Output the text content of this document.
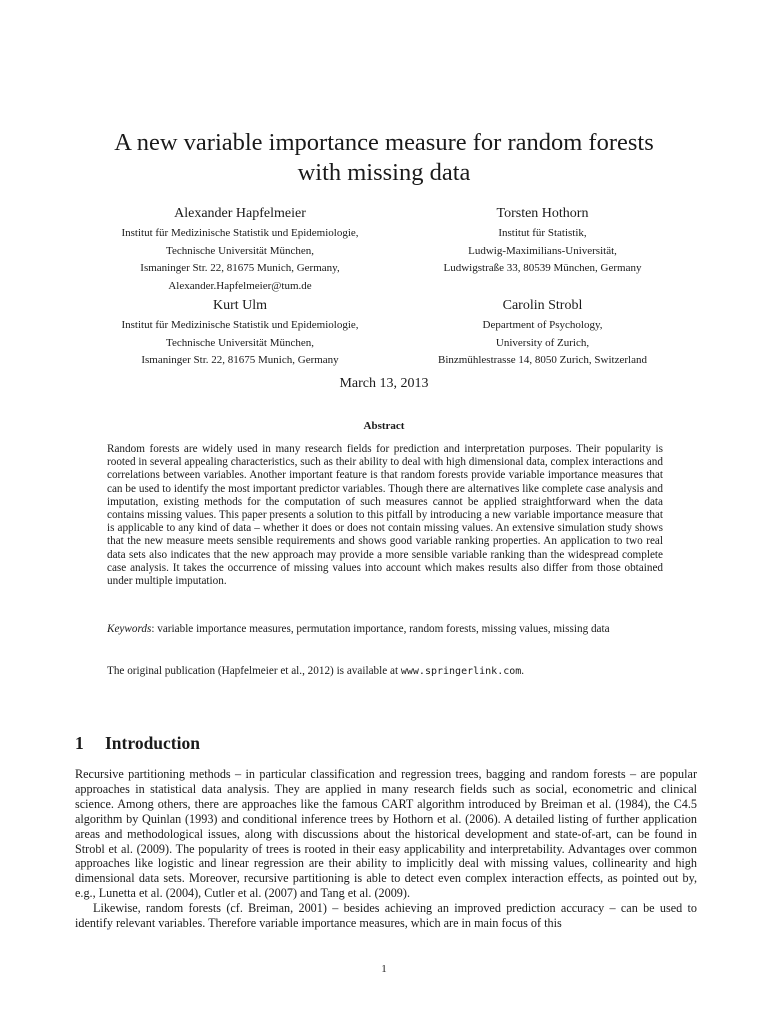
A new variable importance measure for random forests
with missing data
Alexander Hapfelmeier
Institut für Medizinische Statistik und Epidemiologie,
Technische Universität München,
Ismaninger Str. 22, 81675 Munich, Germany,
Alexander.Hapfelmeier@tum.de
Torsten Hothorn
Institut für Statistik,
Ludwig-Maximilians-Universität,
Ludwigstraße 33, 80539 München, Germany
Kurt Ulm
Institut für Medizinische Statistik und Epidemiologie,
Technische Universität München,
Ismaninger Str. 22, 81675 Munich, Germany
Carolin Strobl
Department of Psychology,
University of Zurich,
Binzmühlestrasse 14, 8050 Zurich, Switzerland
March 13, 2013
Abstract

Random forests are widely used in many research fields for prediction and interpretation purposes. Their popularity is rooted in several appealing characteristics, such as their ability to deal with high dimensional data, complex interactions and correlations between variables. Another important feature is that random forests provide variable importance measures that can be used to identify the most important predictor variables. Though there are alternatives like complete case analysis and imputation, existing methods for the computation of such measures cannot be applied straightforward when the data contains missing values. This paper presents a solution to this pitfall by introducing a new variable importance measure that is applicable to any kind of data – whether it does or does not contain missing values. An extensive simulation study shows that the new measure meets sensible requirements and shows good variable ranking properties. An application to two real data sets also indicates that the new approach may provide a more sensible variable ranking than the widespread complete case analysis. It takes the occurrence of missing values into account which makes results also differ from those obtained under multiple imputation.

Keywords: variable importance measures, permutation importance, random forests, missing values, missing data
The original publication (Hapfelmeier et al., 2012) is available at www.springerlink.com.
1 Introduction

Recursive partitioning methods – in particular classification and regression trees, bagging and random forests – are popular approaches in statistical data analysis. They are applied in many research fields such as social, econometric and clinical science. Among others, there are approaches like the famous CART algorithm introduced by Breiman et al. (1984), the C4.5 algorithm by Quinlan (1993) and conditional inference trees by Hothorn et al. (2006). A detailed listing of further application areas and methodological issues, along with discussions about the historical development and state-of-art, can be found in Strobl et al. (2009). The popularity of trees is rooted in their easy applicability and interpretability. Advantages over common approaches like logistic and linear regression are their ability to implicitly deal with missing values, collinearity and high dimensional data sets. Moreover, recursive partitioning is able to detect even complex interaction effects, as pointed out by, e.g., Lunetta et al. (2004), Cutler et al. (2007) and Tang et al. (2009).

Likewise, random forests (cf. Breiman, 2001) – besides achieving an improved prediction accuracy – can be used to identify relevant variables. Therefore variable importance measures, which are in main focus of this

1
